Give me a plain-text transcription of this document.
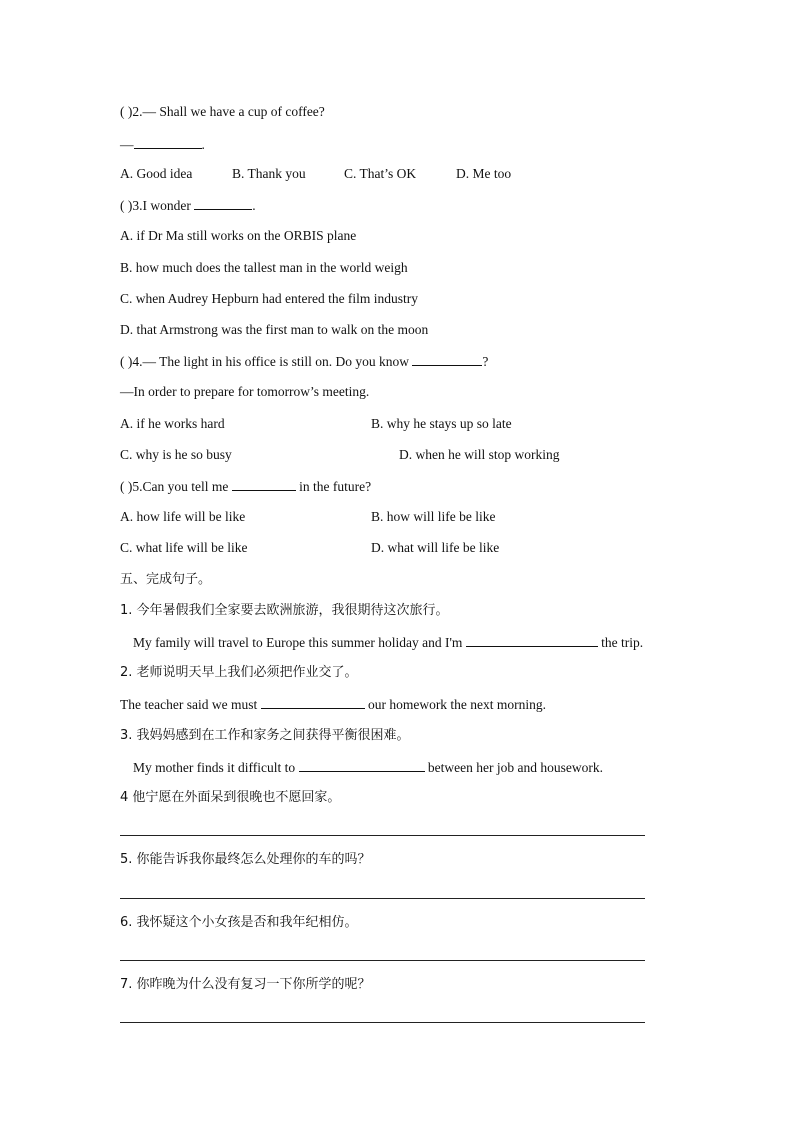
( )2.— Shall we have a cup of coffee?
—	.
A. Good idea	B. Thank you	C. That’s OK	D. Me too
( )3.I wonder	.
A. if Dr Ma still works on the ORBIS plane
B. how much does the tallest man in the world weigh
C. when Audrey Hepburn had entered the film industry
D. that Armstrong was the first man to walk on the moon
( )4.— The light in his office is still on. Do you know	?
—In order to prepare for tomorrow’s meeting.
A. if he works hard	B. why he stays up so late
C. why is he so busy	D. when he will stop working
( )5.Can you tell me	in the future?
A. how life will be like	B. how will life be like
C. what life will be like	D. what will life be like
五、完成句子。
1. 今年暑假我们全家要去欧洲旅游，我很期待这次旅行。
My family will travel to Europe this summer holiday and I'm	the trip.
2. 老师说明天早上我们必须把作业交了。
The teacher said we must	our homework the next morning.
3. 我妈妈感到在工作和家务之间获得平衡很困难。
My mother finds it difficult to	between her job and housework.
4 他宁愿在外面呆到很晚也不愿回家。
5. 你能告诉我你最终怎么处理你的车的吗？
6. 我怀疑这个小女孩是否和我年纪相仿。
7. 你昨晚为什么没有复习一下你所学的呢？
